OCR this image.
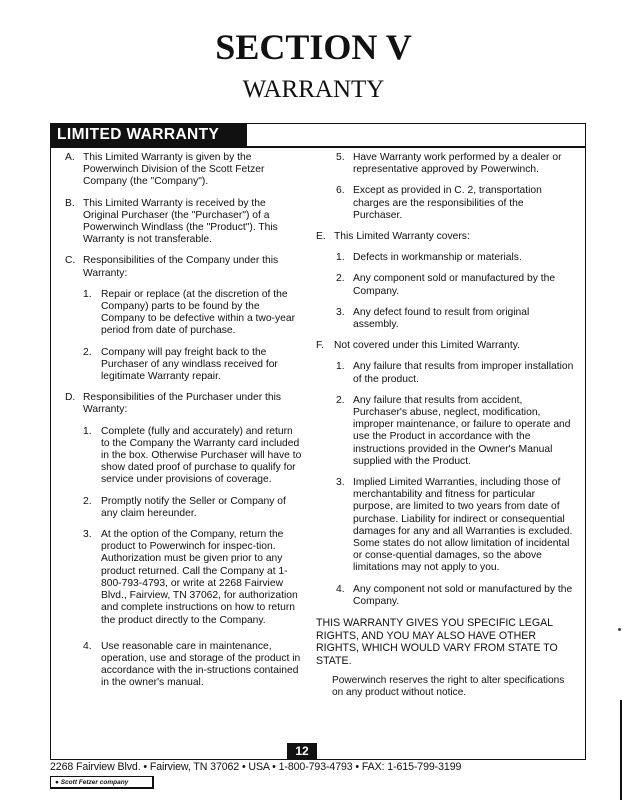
SECTION V
WARRANTY
LIMITED WARRANTY
A. This Limited Warranty is given by the Powerwinch Division of the Scott Fetzer Company (the "Company").
B. This Limited Warranty is received by the Original Purchaser (the "Purchaser") of a Powerwinch Windlass (the "Product"). This Warranty is not transferable.
C. Responsibilities of the Company under this Warranty:
1. Repair or replace (at the discretion of the Company) parts to be found by the Company to be defective within a two-year period from date of purchase.
2. Company will pay freight back to the Purchaser of any windlass received for legitimate Warranty repair.
D. Responsibilities of the Purchaser under this Warranty:
1. Complete (fully and accurately) and return to the Company the Warranty card included in the box. Otherwise Purchaser will have to show dated proof of purchase to qualify for service under provisions of coverage.
2. Promptly notify the Seller or Company of any claim hereunder.
3. At the option of the Company, return the product to Powerwinch for inspec-tion. Authorization must be given prior to any product returned. Call the Company at 1-800-793-4793, or write at 2268 Fairview Blvd., Fairview, TN 37062, for authorization and complete instructions on how to return the product directly to the Company.
4. Use reasonable care in maintenance, operation, use and storage of the product in accordance with the in-structions contained in the owner's manual.
5. Have Warranty work performed by a dealer or representative approved by Powerwinch.
6. Except as provided in C. 2, transportation charges are the responsibilities of the Purchaser.
E. This Limited Warranty covers:
1. Defects in workmanship or materials.
2. Any component sold or manufactured by the Company.
3. Any defect found to result from original assembly.
F. Not covered under this Limited Warranty.
1. Any failure that results from improper installation of the product.
2. Any failure that results from accident, Purchaser's abuse, neglect, modification, improper maintenance, or failure to operate and use the Product in accordance with the instructions provided in the Owner's Manual supplied with the Product.
3. Implied Limited Warranties, including those of merchantability and fitness for particular purpose, are limited to two years from date of purchase. Liability for indirect or consequential damages for any and all Warranties is excluded. Some states do not allow limitation of incidental or conse-quential damages, so the above limitations may not apply to you.
4. Any component not sold or manufactured by the Company.
THIS WARRANTY GIVES YOU SPECIFIC LEGAL RIGHTS, AND YOU MAY ALSO HAVE OTHER RIGHTS, WHICH WOULD VARY FROM STATE TO STATE.
Powerwinch reserves the right to alter specifications on any product without notice.
12
2268 Fairview Blvd. • Fairview, TN 37062 • USA • 1-800-793-4793 • FAX: 1-615-799-3199
● Scott Fetzer company
